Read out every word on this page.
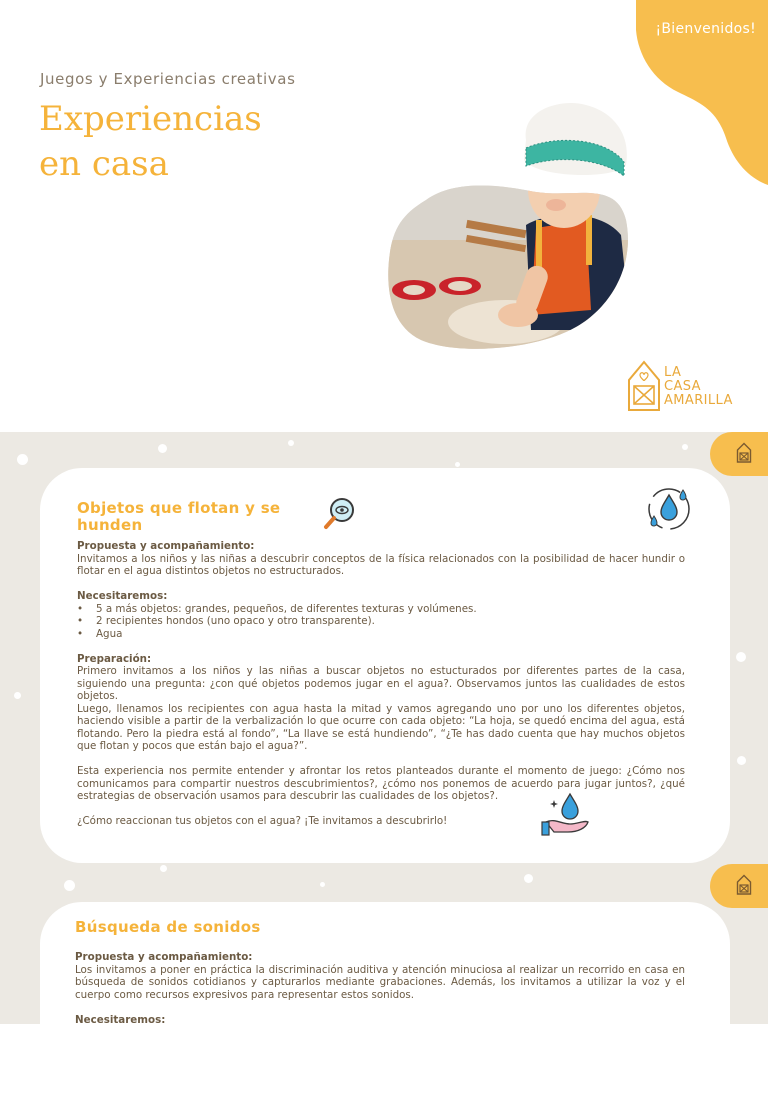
¡Bienvenidos!
Juegos y Experiencias creativas
Experiencias
en casa
LA
CASA
AMARILLA
Objetos que flotan y se hunden

Propuesta y acompañamiento:

Invitamos a los niños y las niñas a descubrir conceptos de la física relacionados con la posibilidad de hacer hundir o flotar en el agua distintos objetos no estructurados.

Necesitaremos:

•	5 a más objetos: grandes, pequeños, de diferentes texturas y volúmenes.
•	2 recipientes hondos (uno opaco y otro transparente).
•	Agua

Preparación:

Primero invitamos a los niños y las niñas a buscar objetos no estucturados por diferentes partes de la casa, siguiendo una pregunta: ¿con qué objetos podemos jugar en el agua?. Observamos juntos las cualidades de estos objetos.

Luego, llenamos los recipientes con agua hasta la mitad y vamos agregando uno por uno los diferentes objetos, haciendo visible a partir de la verbalización lo que ocurre con cada objeto: “La hoja, se quedó encima del agua, está flotando. Pero la piedra está al fondo”, “La llave se está hundiendo”, “¿Te has dado cuenta que hay muchos objetos que flotan y pocos que están bajo el agua?”.

Esta experiencia nos permite entender y afrontar los retos planteados durante el momento de juego: ¿Cómo nos comunicamos para compartir nuestros descubrimientos?, ¿cómo nos ponemos de acuerdo para jugar juntos?, ¿qué estrategias de observación usamos para descubrir las cualidades de los objetos?.

¿Cómo reaccionan tus objetos con el agua? ¡Te invitamos a descubrirlo!

Búsqueda de sonidos

Propuesta y acompañamiento:

Los invitamos a poner en práctica la discriminación auditiva y atención minuciosa al realizar un recorrido en casa en búsqueda de sonidos cotidianos y capturarlos mediante grabaciones. Además, los invitamos a utilizar la voz y el cuerpo como recursos expresivos para representar estos sonidos.

Necesitaremos:
